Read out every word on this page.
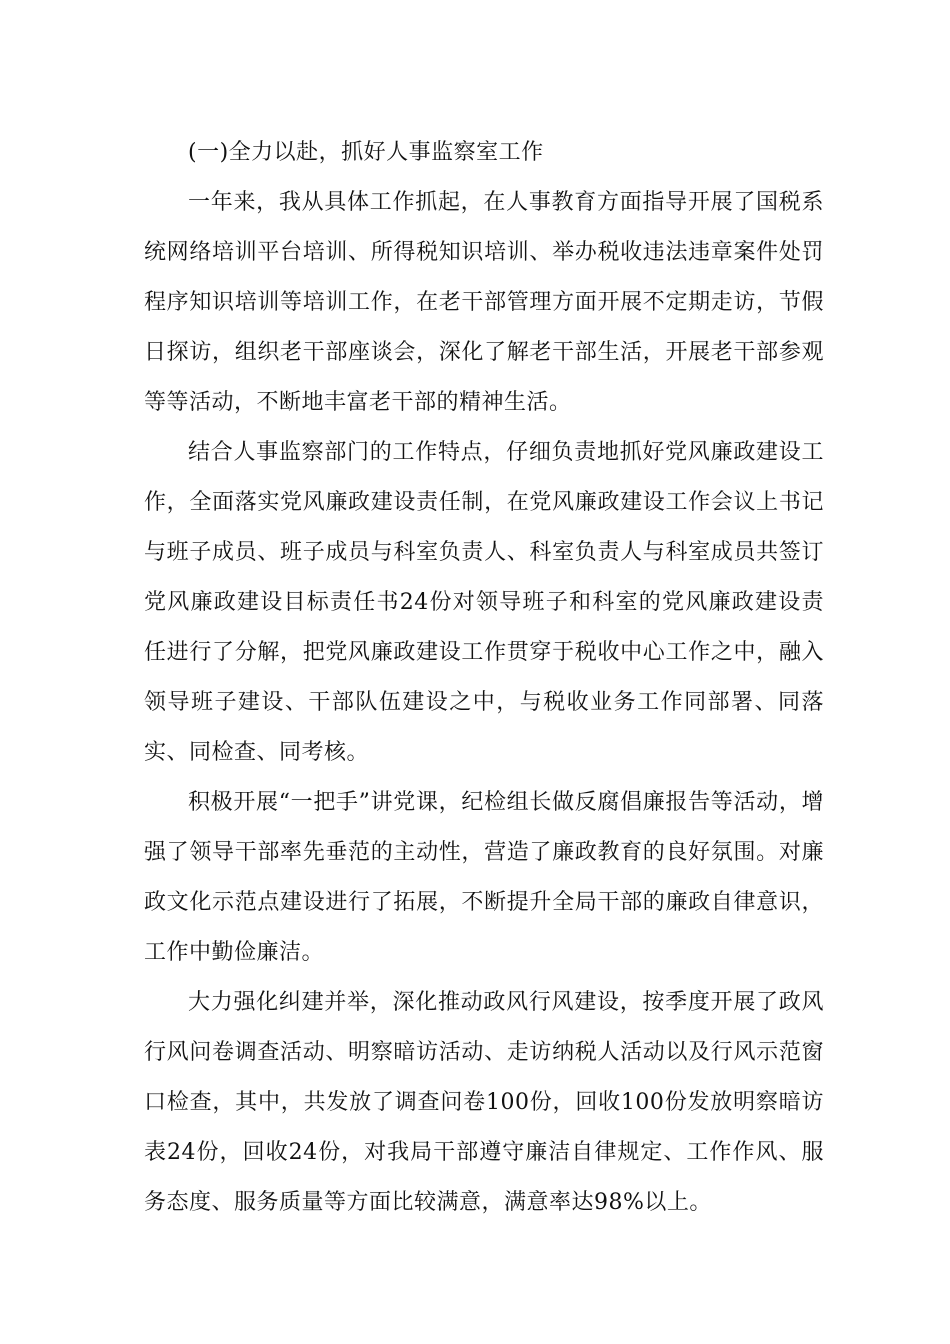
(一)全力以赴，抓好人事监察室工作

一年来，我从具体工作抓起，在人事教育方面指导开展了国税系统网络培训平台培训、所得税知识培训、举办税收违法违章案件处罚程序知识培训等培训工作，在老干部管理方面开展不定期走访，节假日探访，组织老干部座谈会，深化了解老干部生活，开展老干部参观等等活动，不断地丰富老干部的精神生活。

结合人事监察部门的工作特点，仔细负责地抓好党风廉政建设工作，全面落实党风廉政建设责任制，在党风廉政建设工作会议上书记与班子成员、班子成员与科室负责人、科室负责人与科室成员共签订党风廉政建设目标责任书24份对领导班子和科室的党风廉政建设责任进行了分解，把党风廉政建设工作贯穿于税收中心工作之中，融入领导班子建设、干部队伍建设之中，与税收业务工作同部署、同落实、同检查、同考核。

积极开展“一把手”讲党课，纪检组长做反腐倡廉报告等活动，增强了领导干部率先垂范的主动性，营造了廉政教育的良好氛围。对廉政文化示范点建设进行了拓展，不断提升全局干部的廉政自律意识，工作中勤俭廉洁。

大力强化纠建并举，深化推动政风行风建设，按季度开展了政风行风问卷调查活动、明察暗访活动、走访纳税人活动以及行风示范窗口检查，其中，共发放了调查问卷100份，回收100份发放明察暗访表24份，回收24份，对我局干部遵守廉洁自律规定、工作作风、服务态度、服务质量等方面比较满意，满意率达98%以上。
